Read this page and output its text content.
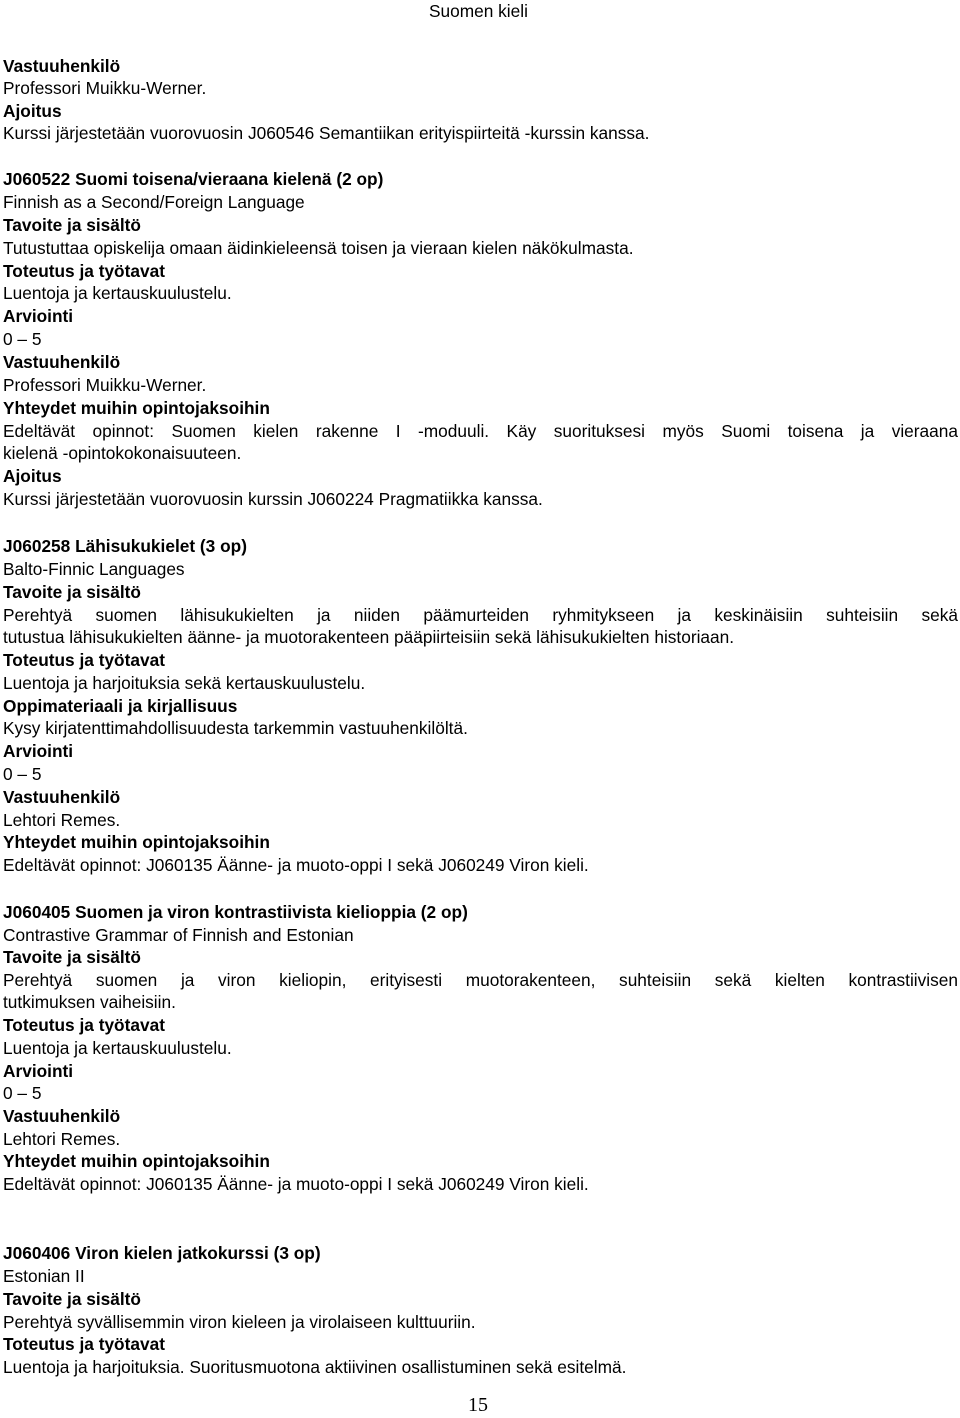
Suomen kieli
Vastuuhenkilö
Professori Muikku-Werner.
Ajoitus
Kurssi järjestetään vuorovuosin J060546 Semantiikan erityispiirteitä -kurssin kanssa.
J060522 Suomi toisena/vieraana kielenä (2 op)
Finnish as a Second/Foreign Language
Tavoite ja sisältö
Tutustuttaa opiskelija omaan äidinkieleensä toisen ja vieraan kielen näkökulmasta.
Toteutus ja työtavat
Luentoja ja kertauskuulustelu.
Arviointi
0 – 5
Vastuuhenkilö
Professori Muikku-Werner.
Yhteydet muihin opintojaksoihin
Edeltävät opinnot: Suomen kielen rakenne I -moduuli. Käy suorituksesi myös Suomi toisena ja vieraana
kielenä -opintokokonaisuuteen.
Ajoitus
Kurssi järjestetään vuorovuosin kurssin J060224 Pragmatiikka kanssa.
J060258 Lähisukukielet (3 op)
Balto-Finnic Languages
Tavoite ja sisältö
Perehtyä suomen lähisukukielten ja niiden päämurteiden ryhmitykseen ja keskinäisiin suhteisiin sekä
tutustua lähisukukielten äänne- ja muotorakenteen pääpiirteisiin sekä lähisukukielten historiaan.
Toteutus ja työtavat
Luentoja ja harjoituksia sekä kertauskuulustelu.
Oppimateriaali ja kirjallisuus
Kysy kirjatenttimahdollisuudesta tarkemmin vastuuhenkilöltä.
Arviointi
0 – 5
Vastuuhenkilö
Lehtori Remes.
Yhteydet muihin opintojaksoihin
Edeltävät opinnot: J060135 Äänne- ja muoto-oppi I sekä J060249 Viron kieli.
J060405 Suomen ja viron kontrastiivista kielioppia (2 op)
Contrastive Grammar of Finnish and Estonian
Tavoite ja sisältö
Perehtyä suomen ja viron kieliopin, erityisesti muotorakenteen, suhteisiin sekä kielten kontrastiivisen
tutkimuksen vaiheisiin.
Toteutus ja työtavat
Luentoja ja kertauskuulustelu.
Arviointi
0 – 5
Vastuuhenkilö
Lehtori Remes.
Yhteydet muihin opintojaksoihin
Edeltävät opinnot: J060135 Äänne- ja muoto-oppi I sekä J060249 Viron kieli.
J060406 Viron kielen jatkokurssi (3 op)
Estonian II
Tavoite ja sisältö
Perehtyä syvällisemmin viron kieleen ja virolaiseen kulttuuriin.
Toteutus ja työtavat
Luentoja ja harjoituksia. Suoritusmuotona aktiivinen osallistuminen sekä esitelmä.
15
